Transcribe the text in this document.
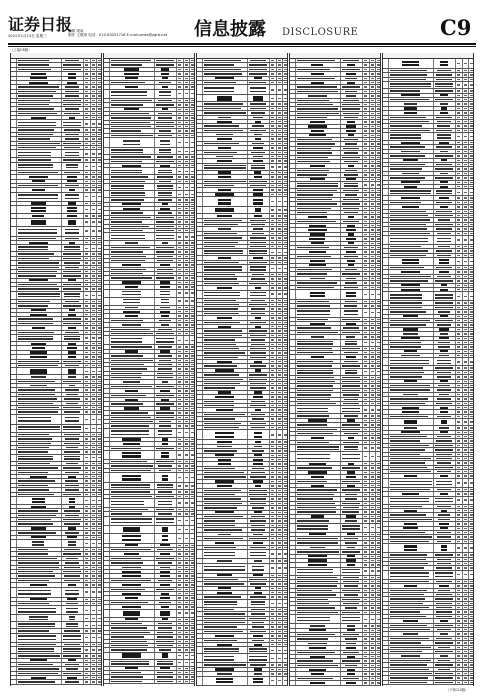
证券日报
2021年1月13日 星期三
编辑 梁凤
制作 王敬涛 电话：010-83251716 E-mail:zmzx@zqrb.net 信息披露 DISCLOSURE	C9
（上接C8版）
（下转C10版）
